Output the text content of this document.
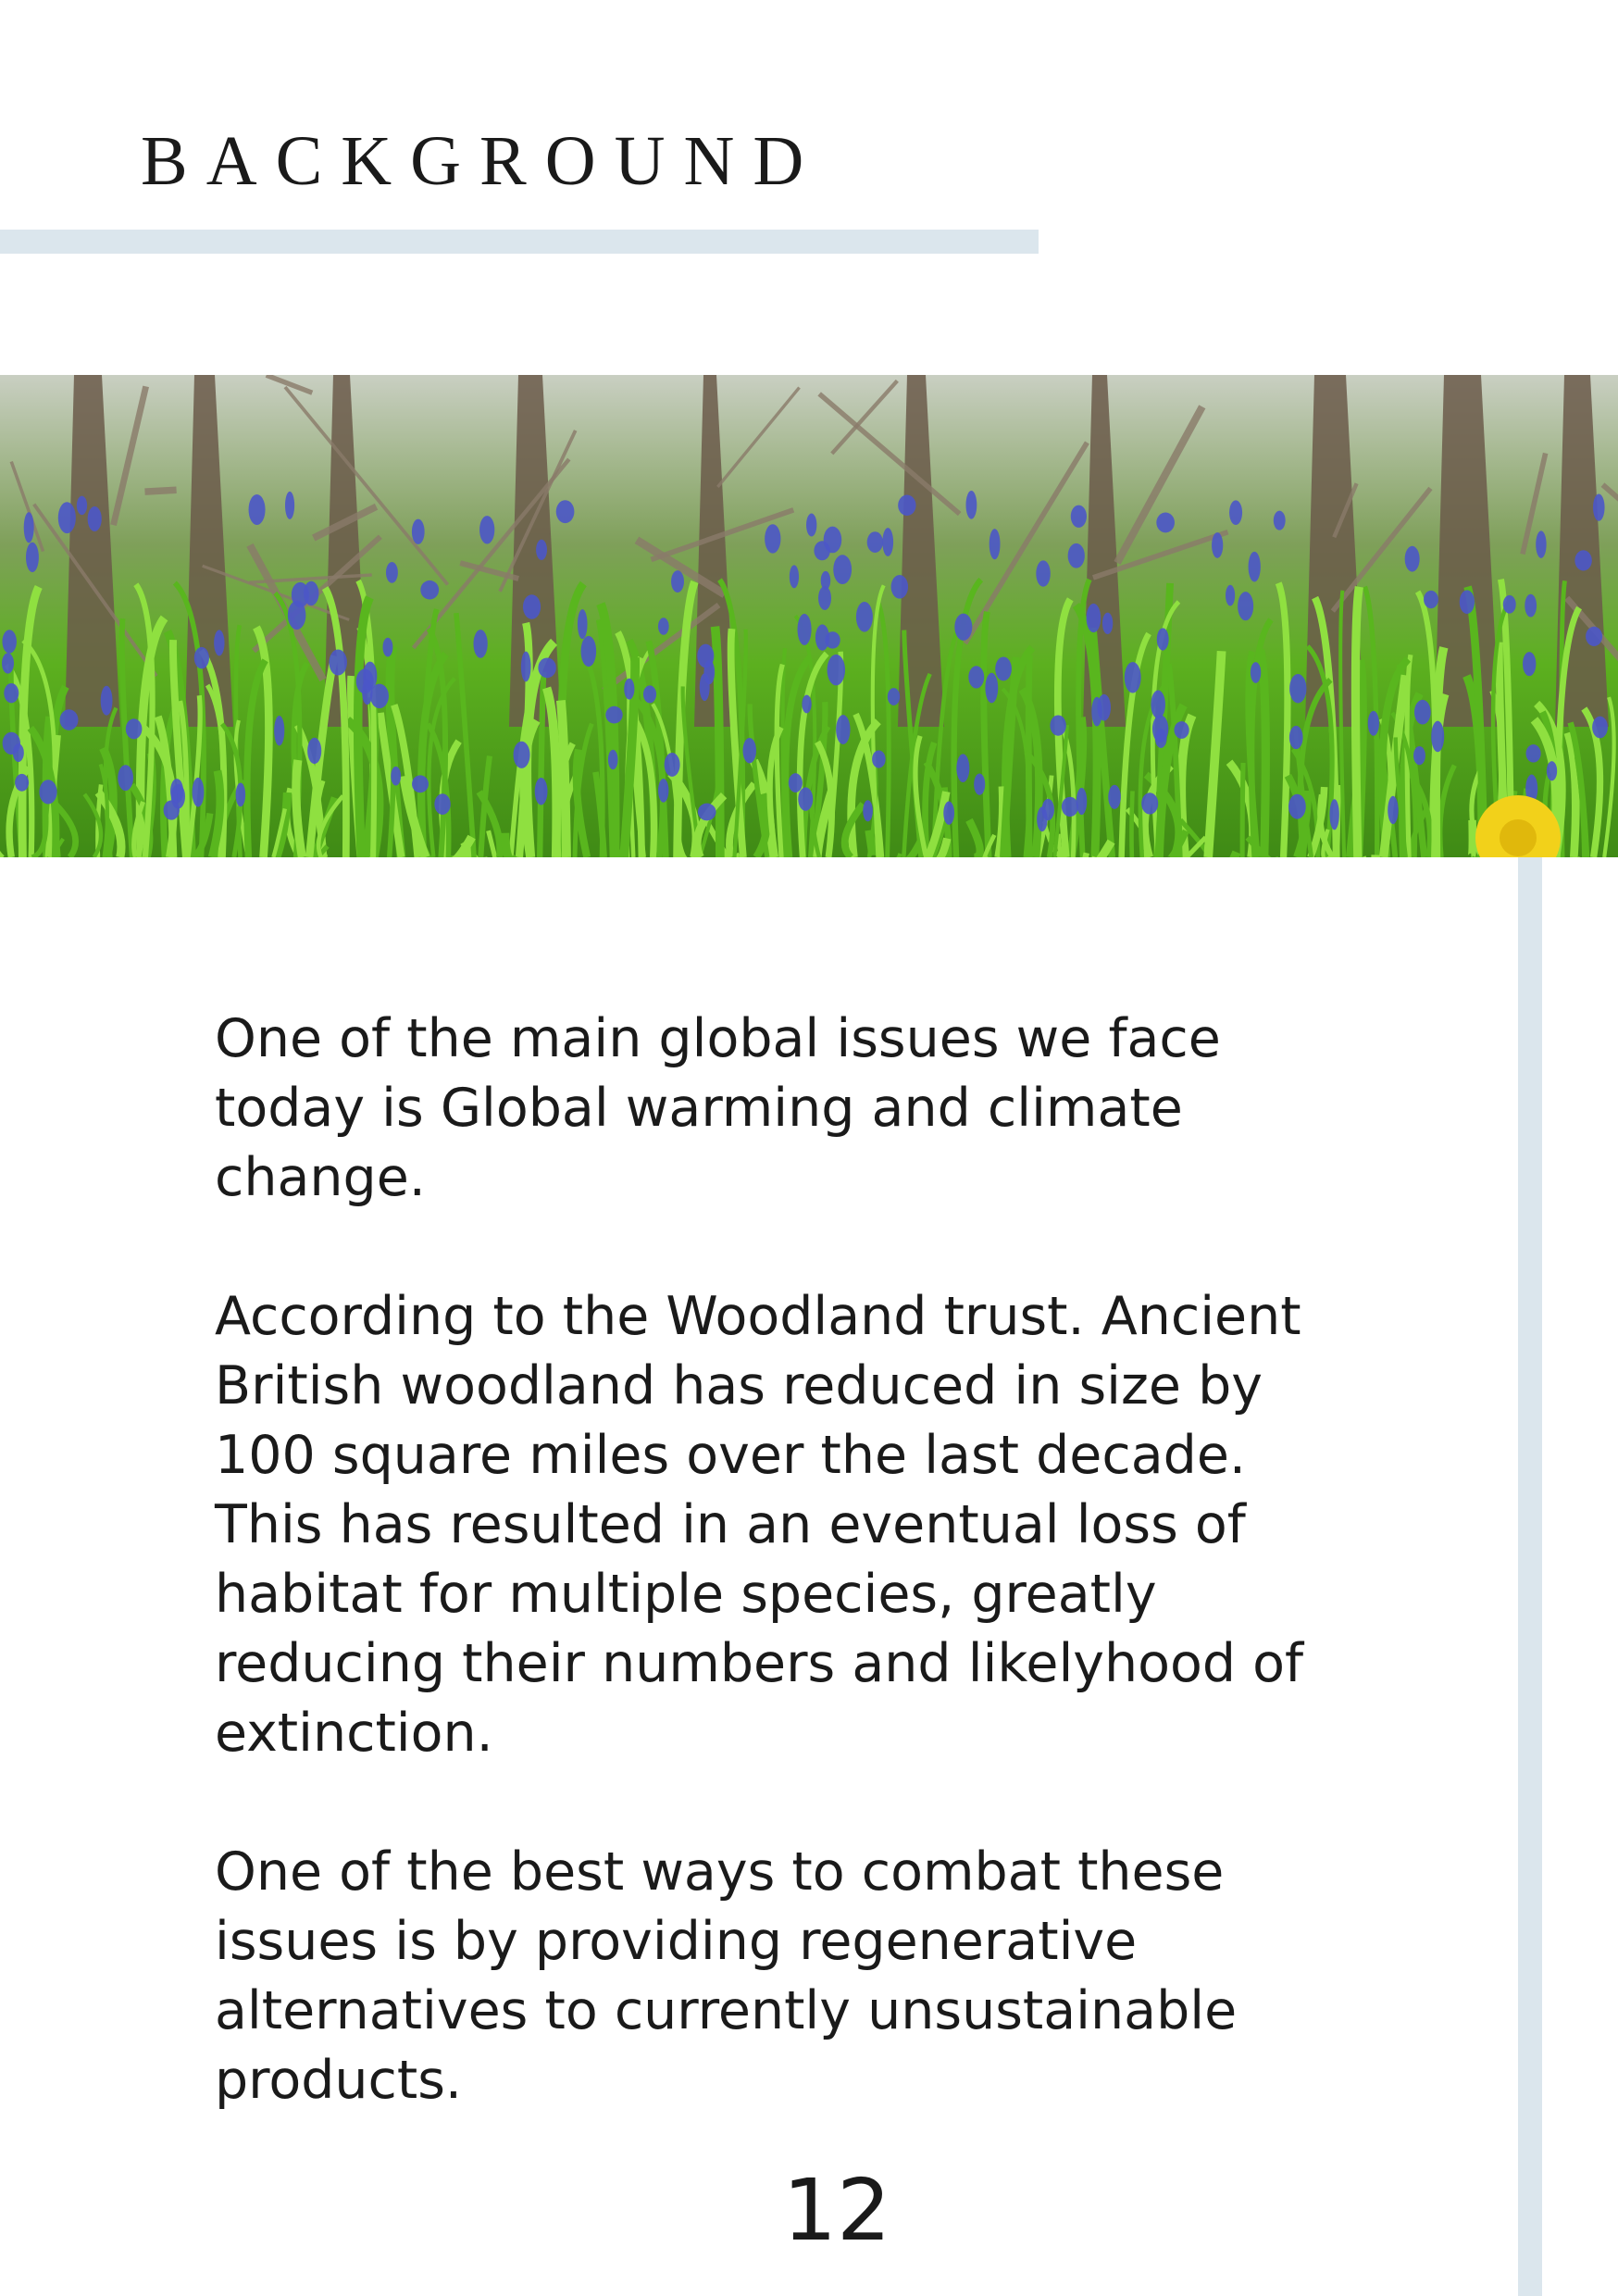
BACKGROUND

One of the main global issues we face
today is Global warming and climate
change.

According to the Woodland trust. Ancient
British woodland has reduced in size by
100 square miles over the last decade.
This has resulted in an eventual loss of
habitat for multiple species, greatly
reducing their numbers and likelyhood of
extinction.

One of the best ways to combat these
issues is by providing regenerative
alternatives to currently unsustainable
products.

12
